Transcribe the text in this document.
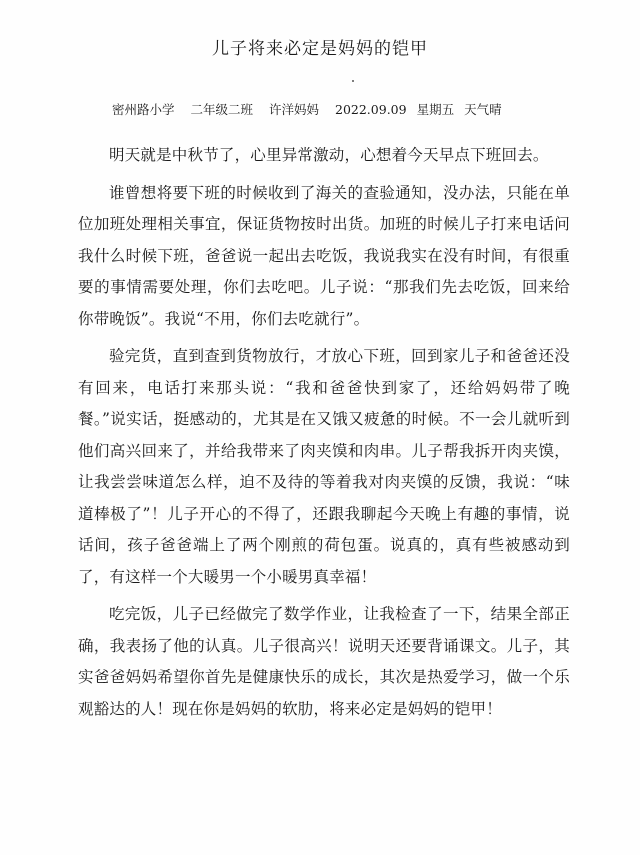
儿子将来必定是妈妈的铠甲
密州路小学 二年级二班 许洋妈妈 2022.09.09 星期五 天气晴

明天就是中秋节了，心里异常激动，心想着今天早点下班回去。

谁曾想将要下班的时候收到了海关的查验通知，没办法，只能在单位加班处理相关事宜，保证货物按时出货。加班的时候儿子打来电话问我什么时候下班，爸爸说一起出去吃饭，我说我实在没有时间，有很重要的事情需要处理，你们去吃吧。儿子说：“那我们先去吃饭，回来给你带晚饭”。我说“不用，你们去吃就行”。

验完货，直到查到货物放行，才放心下班，回到家儿子和爸爸还没有回来，电话打来那头说：“我和爸爸快到家了，还给妈妈带了晚餐。”说实话，挺感动的，尤其是在又饿又疲惫的时候。不一会儿就听到他们高兴回来了，并给我带来了肉夹馍和肉串。儿子帮我拆开肉夹馍，让我尝尝味道怎么样，迫不及待的等着我对肉夹馍的反馈，我说：“味道棒极了”！儿子开心的不得了，还跟我聊起今天晚上有趣的事情，说话间，孩子爸爸端上了两个刚煎的荷包蛋。说真的，真有些被感动到了，有这样一个大暖男一个小暖男真幸福！

吃完饭，儿子已经做完了数学作业，让我检查了一下，结果全部正确，我表扬了他的认真。儿子很高兴！说明天还要背诵课文。儿子，其实爸爸妈妈希望你首先是健康快乐的成长，其次是热爱学习，做一个乐观豁达的人！现在你是妈妈的软肋，将来必定是妈妈的铠甲！
